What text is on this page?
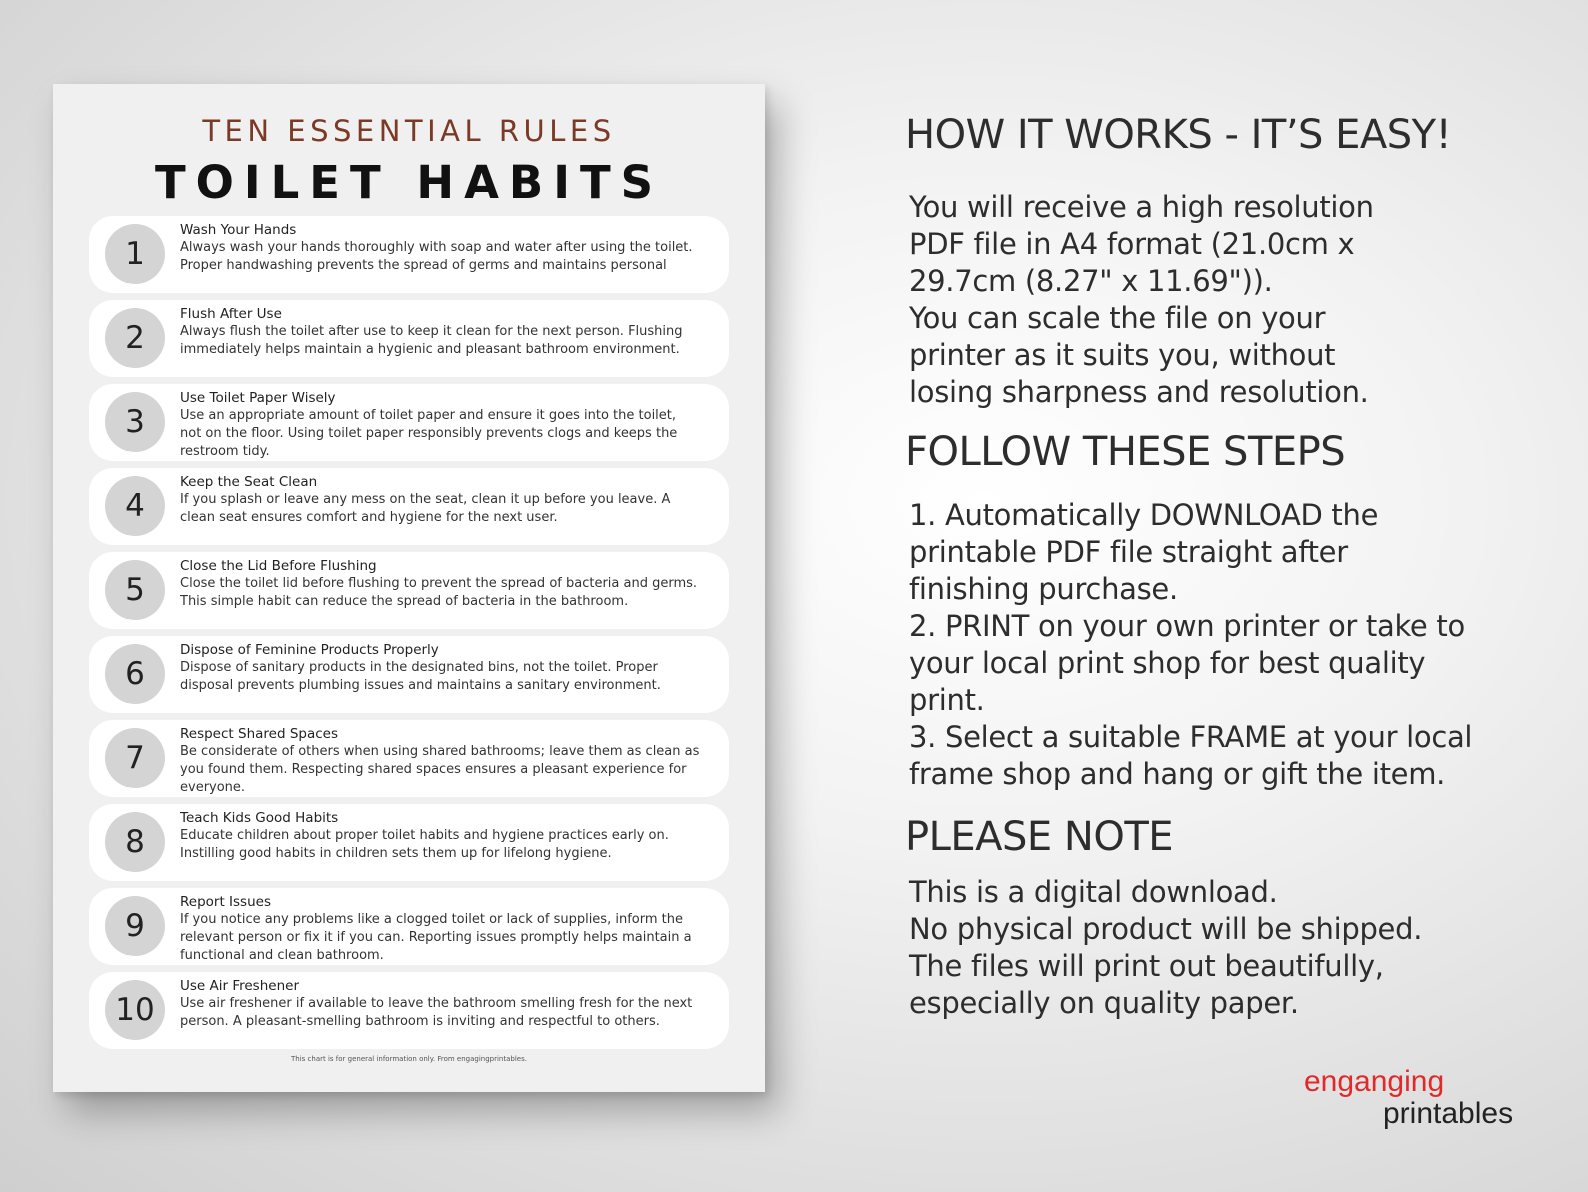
TEN ESSENTIAL RULES
TOILET HABITS
1
Wash Your Hands
Always wash your hands thoroughly with soap and water after using the toilet. Proper handwashing prevents the spread of germs and maintains personal
2
Flush After Use
Always flush the toilet after use to keep it clean for the next person. Flushing immediately helps maintain a hygienic and pleasant bathroom environment.
3
Use Toilet Paper Wisely
Use an appropriate amount of toilet paper and ensure it goes into the toilet, not on the floor. Using toilet paper responsibly prevents clogs and keeps the restroom tidy.
4
Keep the Seat Clean
If you splash or leave any mess on the seat, clean it up before you leave. A clean seat ensures comfort and hygiene for the next user.
5
Close the Lid Before Flushing
Close the toilet lid before flushing to prevent the spread of bacteria and germs. This simple habit can reduce the spread of bacteria in the bathroom.
6
Dispose of Feminine Products Properly
Dispose of sanitary products in the designated bins, not the toilet. Proper disposal prevents plumbing issues and maintains a sanitary environment.
7
Respect Shared Spaces
Be considerate of others when using shared bathrooms; leave them as clean as you found them. Respecting shared spaces ensures a pleasant experience for everyone.
8
Teach Kids Good Habits
Educate children about proper toilet habits and hygiene practices early on. Instilling good habits in children sets them up for lifelong hygiene.
9
Report Issues
If you notice any problems like a clogged toilet or lack of supplies, inform the relevant person or fix it if you can. Reporting issues promptly helps maintain a functional and clean bathroom.
10
Use Air Freshener
Use air freshener if available to leave the bathroom smelling fresh for the next person. A pleasant-smelling bathroom is inviting and respectful to others.
This chart is for general information only. From engagingprintables.
HOW IT WORKS - IT’S EASY!
You will receive a high resolution
PDF file in A4 format (21.0cm x
29.7cm (8.27" x 11.69")).
You can scale the file on your
printer as it suits you, without
losing sharpness and resolution.
FOLLOW THESE STEPS
1. Automatically DOWNLOAD the
printable PDF file straight after
finishing purchase.
2. PRINT on your own printer or take to
your local print shop for best quality
print.
3. Select a suitable FRAME at your local
frame shop and hang or gift the item.
PLEASE NOTE
This is a digital download.
No physical product will be shipped.
The files will print out beautifully,
especially on quality paper.
enganging
printables
